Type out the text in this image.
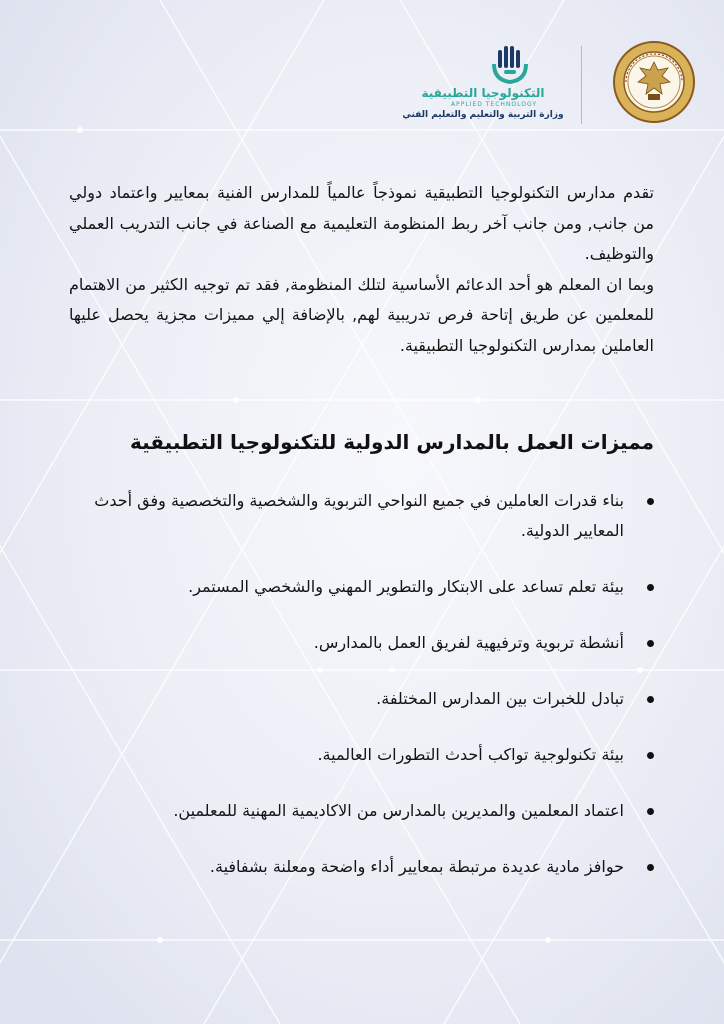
التكنولوجيا التطبيقية
APPLIED TECHNOLOGY
وزارة التربية والتعليم والتعليم الفني

تقدم مدارس التكنولوجيا التطبيقية نموذجاً عالمياً للمدارس الفنية بمعايير واعتماد دولي من جانب, ومن جانب آخر ربط المنظومة التعليمية مع الصناعة في جانب التدريب العملي والتوظيف.

وبما ان المعلم هو أحد الدعائم الأساسية لتلك المنظومة, فقد تم توجيه الكثير من الاهتمام للمعلمين عن طريق إتاحة فرص تدريبية لهم, بالإضافة إلي مميزات مجزية يحصل عليها العاملين بمدارس التكنولوجيا التطبيقية.

مميزات العمل بالمدارس الدولية للتكنولوجيا التطبيقية
بناء قدرات العاملين في جميع النواحي التربوية والشخصية والتخصصية وفق أحدث المعايير الدولية.
بيئة تعلم تساعد على الابتكار والتطوير المهني والشخصي المستمر.
أنشطة تربوية وترفيهية لفريق العمل بالمدارس.
تبادل للخبرات بين المدارس المختلفة.
بيئة تكنولوجية تواكب أحدث التطورات العالمية.
اعتماد المعلمين والمديرين بالمدارس من الاكاديمية المهنية للمعلمين.
حوافز مادية عديدة مرتبطة بمعايير أداء واضحة ومعلنة بشفافية.
